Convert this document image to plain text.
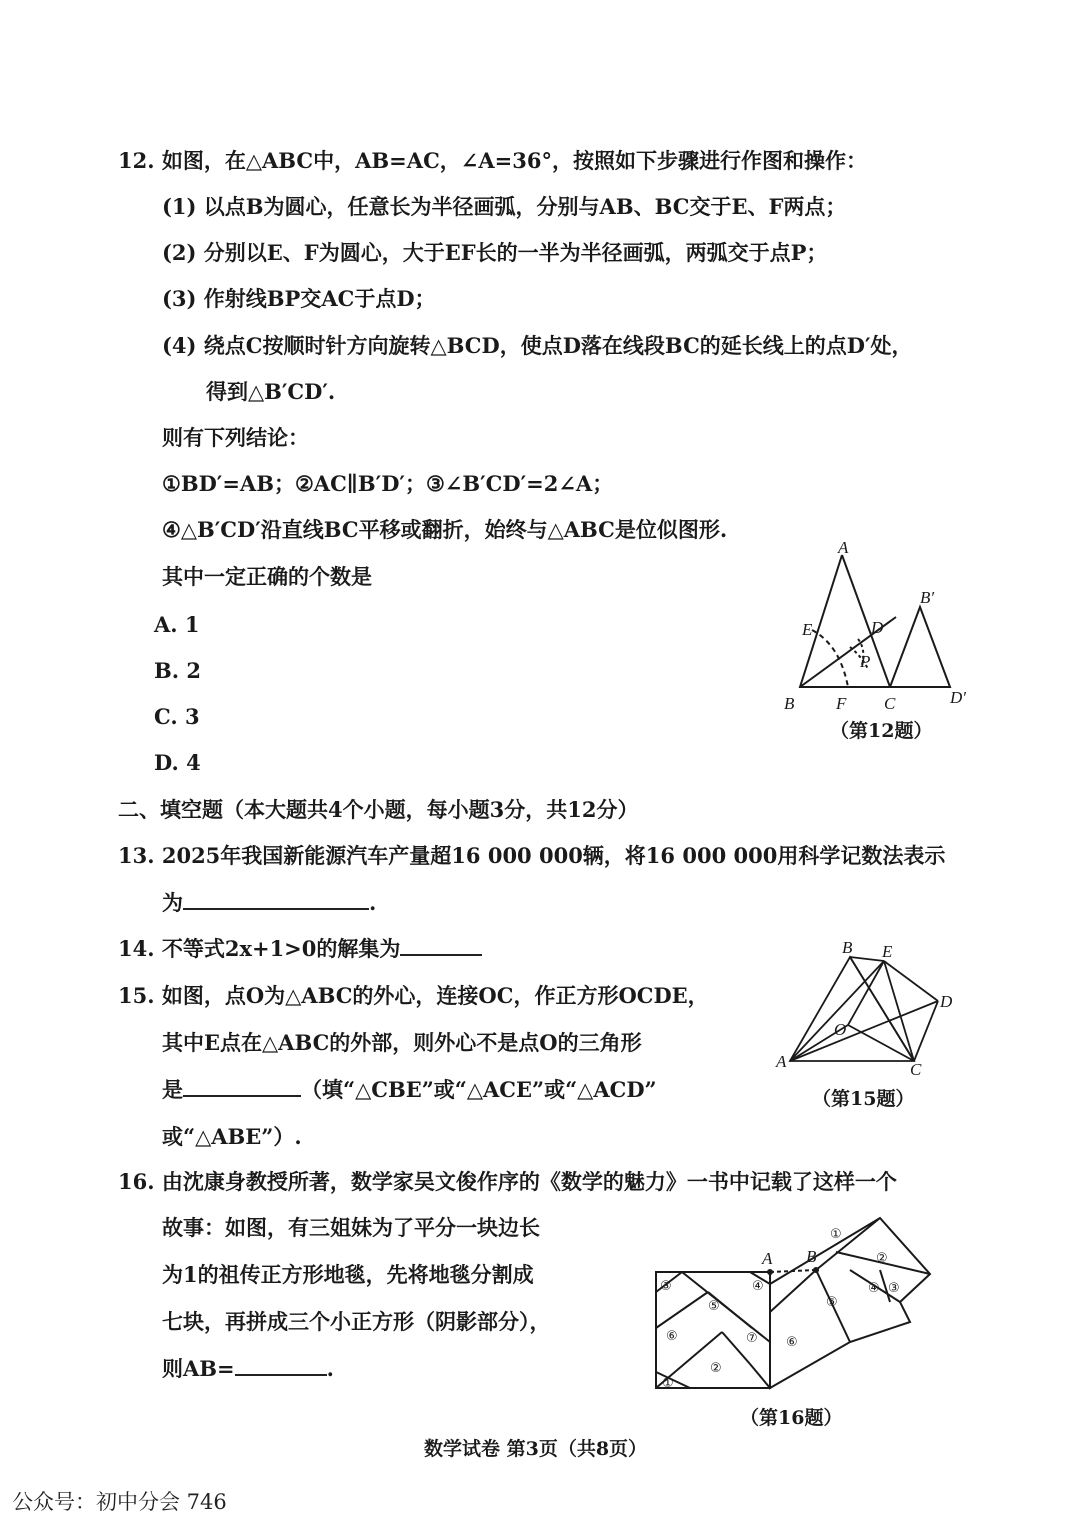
12. 如图，在△ABC中，AB=AC，∠A=36°，按照如下步骤进行作图和操作：
(1) 以点B为圆心，任意长为半径画弧，分别与AB、BC交于E、F两点；
(2) 分别以E、F为圆心，大于EF长的一半为半径画弧，两弧交于点P；
(3) 作射线BP交AC于点D；
(4) 绕点C按顺时针方向旋转△BCD，使点D落在线段BC的延长线上的点D′处，
得到△B′CD′.
则有下列结论：
①BD′=AB；②AC∥B′D′；③∠B′CD′=2∠A；
④△B′CD′沿直线BC平移或翻折，始终与△ABC是位似图形.
其中一定正确的个数是
A. 1
B. 2
C. 3
D. 4
A
B	C
D
E
F
P
B′
D′
（第12题）
二、填空题（本大题共4个小题，每小题3分，共12分）
13. 2025年我国新能源汽车产量超16 000 000辆，将16 000 000用科学记数法表示
为	.
14. 不等式2x+1>0的解集为
15. 如图，点O为△ABC的外心，连接OC，作正方形OCDE，
其中E点在△ABC的外部，则外心不是点O的三角形
是	（填“△CBE”或“△ACE”或“△ACD”
或“△ABE”）.
A
B
C
D
E
O
（第15题）
16. 由沈康身教授所著，数学家吴文俊作序的《数学的魅力》一书中记载了这样一个
故事：如图，有三姐妹为了平分一块边长
为1的祖传正方形地毯，先将地毯分割成
七块，再拼成三个小正方形（阴影部分），
则AB=	.
A B
①
②
③	④
⑤
⑥	⑦
①
②
④ ③
⑤
⑥
（第16题）
数学试卷 第3页（共8页）
公众号：初中分会 746
